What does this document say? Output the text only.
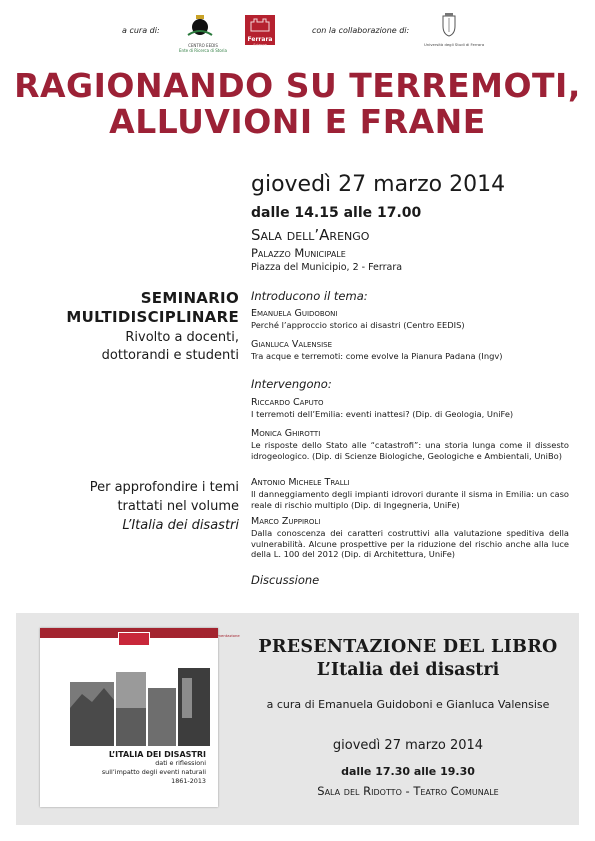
a cura di:
CENTRO EEDIS
Ente di Ricerca di Storia
Ferrara
Scienze
con la collaborazione di:
Università degli Studi di Ferrara
RAGIONANDO SU TERREMOTI,
ALLUVIONI E FRANE
giovedì 27 marzo 2014
dalle 14.15 alle 17.00
Sala dell’Arengo
Palazzo Municipale
Piazza del Municipio, 2 - Ferrara
SEMINARIO
MULTIDISCIPLINARE
Rivolto a docenti,
dottorandi e studenti
Per approfondire i temi
trattati nel volume
L’Italia dei disastri
Introducono il tema:
Emanuela Guidoboni
Perché l’approccio storico ai disastri (Centro EEDIS)
Gianluca Valensise
Tra acque e terremoti: come evolve la Pianura Padana (Ingv)
Intervengono:
Riccardo Caputo
I terremoti dell’Emilia: eventi inattesi? (Dip. di Geologia, UniFe)
Monica Ghirotti
Le risposte dello Stato alle “catastrofi”: una storia lunga come il dissesto idrogeologico. (Dip. di Scienze Biologiche, Geologiche e Ambientali, UniBo)
Antonio Michele Tralli
Il danneggiamento degli impianti idrovori durante il sisma in Emilia: un caso reale di rischio multiplo (Dip. di Ingegneria, UniFe)
Marco Zuppiroli
Dalla conoscenza dei caratteri costruttivi alla valutazione speditiva della vulnerabilità. Alcune prospettive per la riduzione del rischio anche alla luce della L. 100 del 2012 (Dip. di Architettura, UniFe)
Discussione
Centro euromediterraneo di documentazione
L’ITALIA DEI DISASTRI
dati e riflessioni
sull’impatto degli eventi naturali
1861-2013
PRESENTAZIONE DEL LIBRO
L’Italia dei disastri
a cura di Emanuela Guidoboni e Gianluca Valensise
giovedì 27 marzo 2014
dalle 17.30 alle 19.30
Sala del Ridotto - Teatro Comunale
